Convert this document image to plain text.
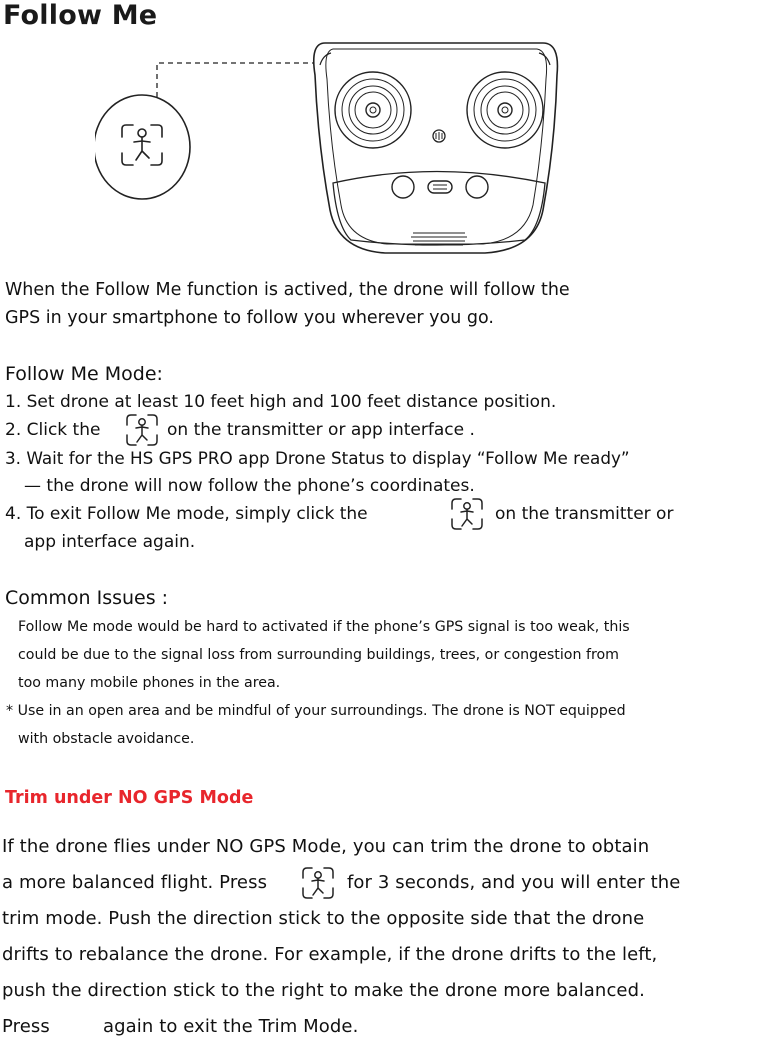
Follow Me
When the Follow Me function is actived, the drone will follow the
GPS in your smartphone to follow you wherever you go.
Follow Me Mode:
1. Set drone at least 10 feet high and 100 feet distance position.
2. Click the	on the transmitter or app interface .
3. Wait for the HS GPS PRO app Drone Status to display “Follow Me ready”
— the drone will now follow the phone’s coordinates.
4. To exit Follow Me mode, simply click the	on the transmitter or
app interface again.
Common Issues :
Follow Me mode would be hard to activated if the phone’s GPS signal is too weak, this
could be due to the signal loss from surrounding buildings, trees, or congestion from
too many mobile phones in the area.
* Use in an open area and be mindful of your surroundings. The drone is NOT equipped
with obstacle avoidance.
Trim under NO GPS Mode
If the drone flies under NO GPS Mode, you can trim the drone to obtain
a more balanced flight. Press	for 3 seconds, and you will enter the
trim mode. Push the direction stick to the opposite side that the drone
drifts to rebalance the drone. For example, if the drone drifts to the left,
push the direction stick to the right to make the drone more balanced.
Press	again to exit the Trim Mode.
